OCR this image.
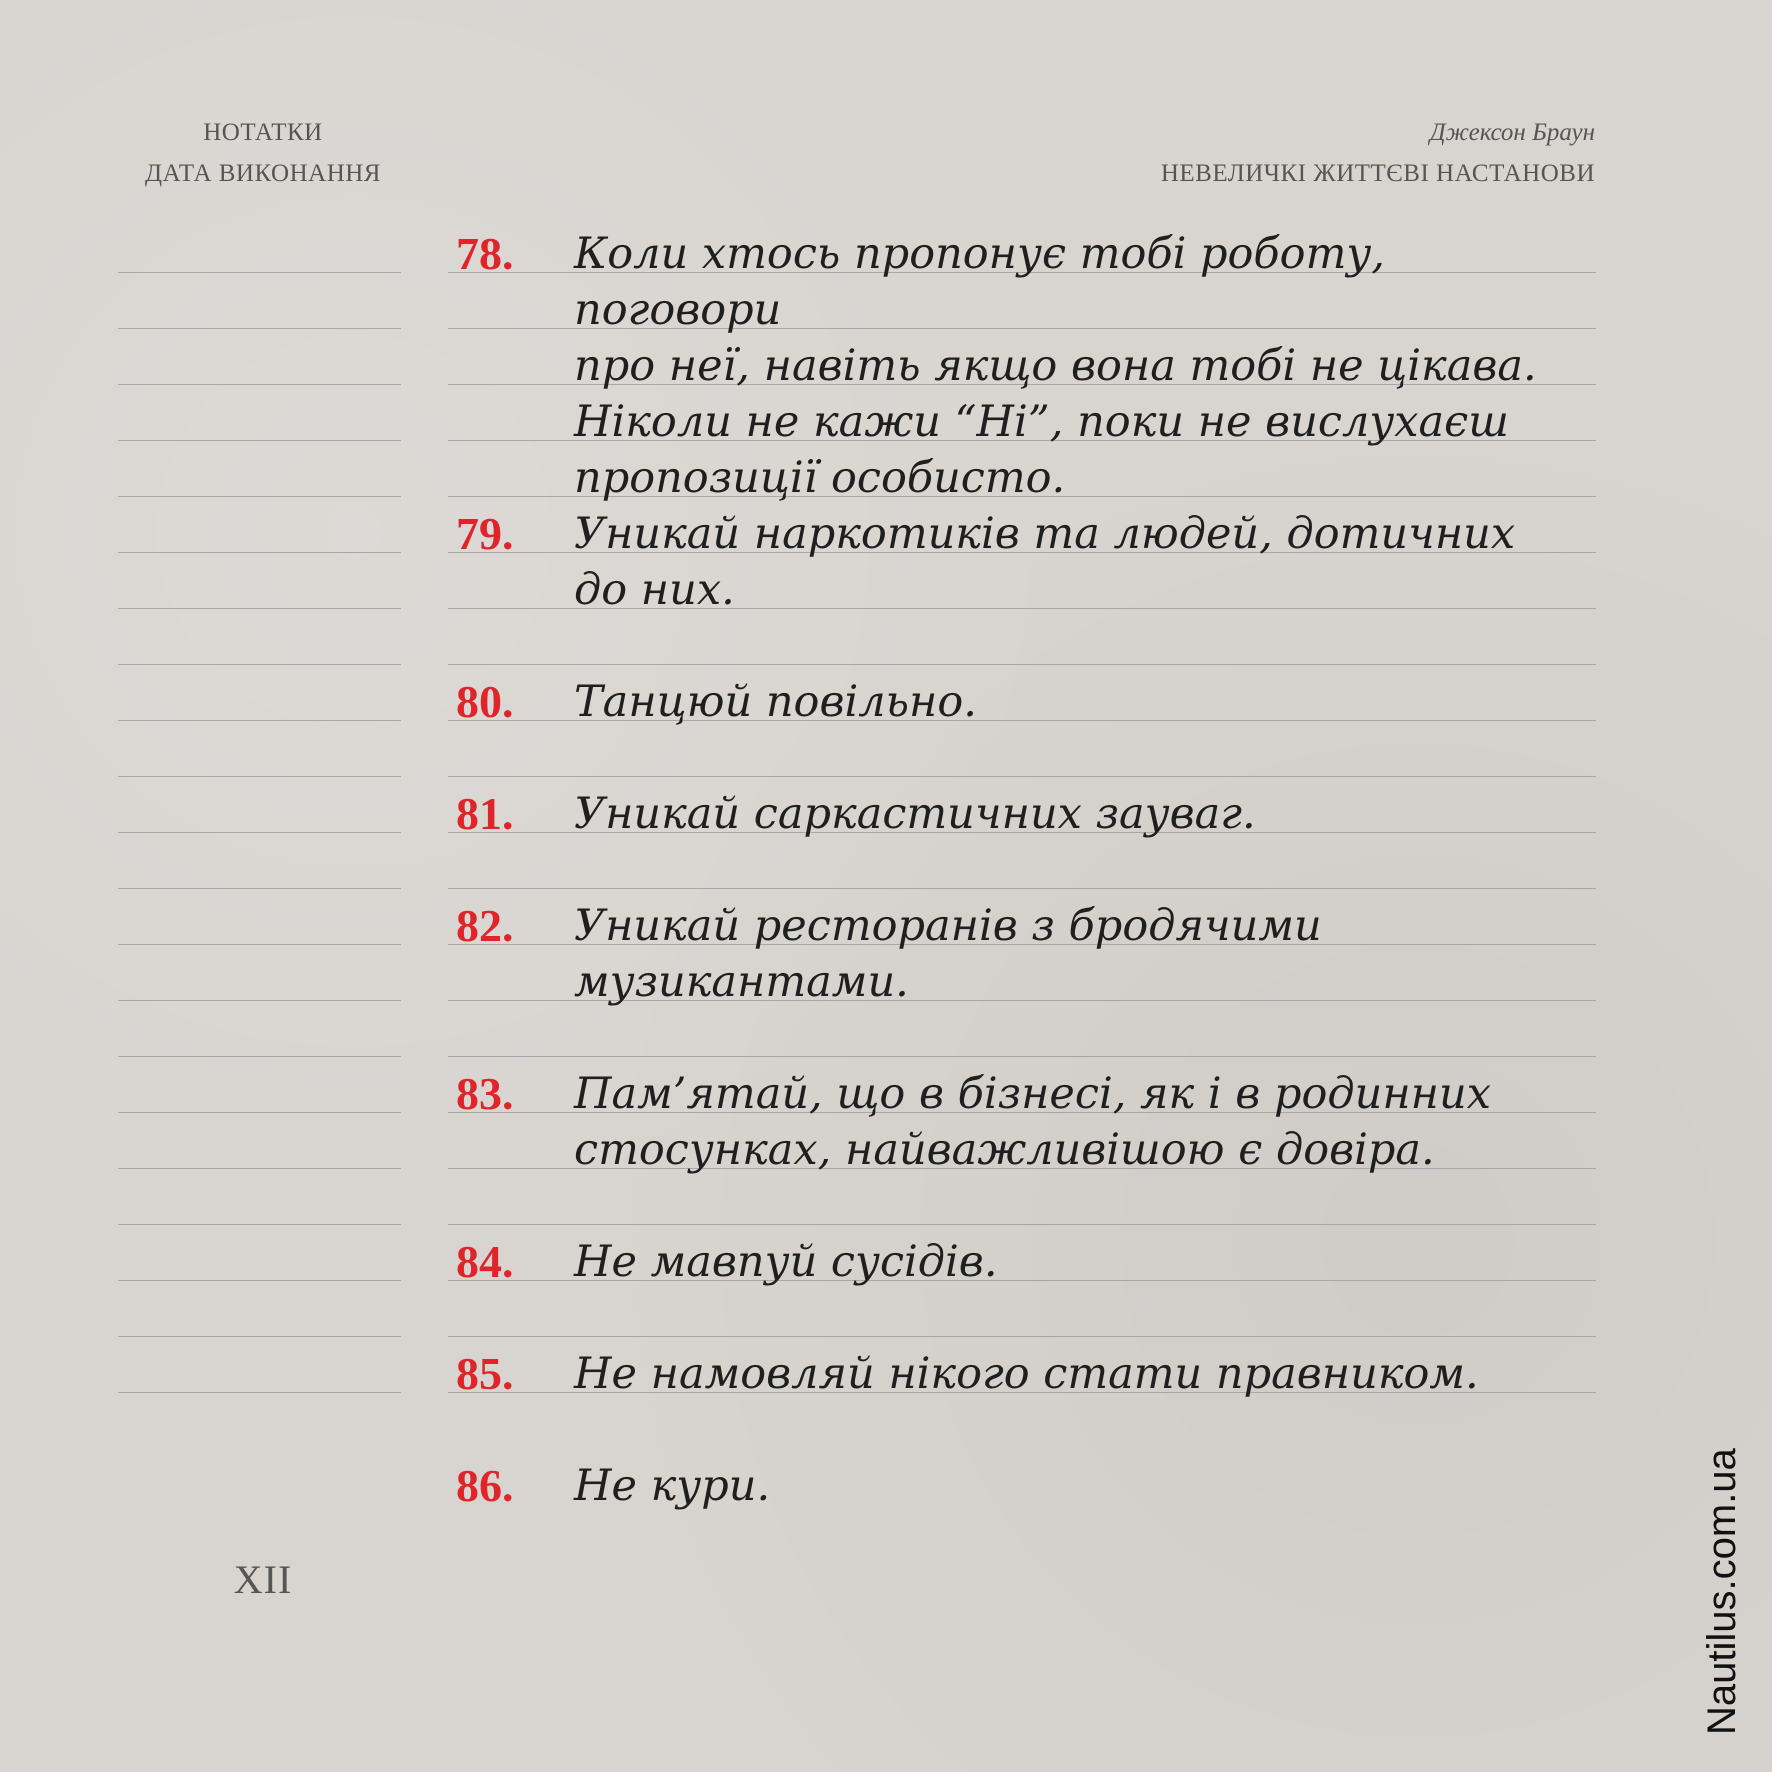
НОТАТКИ
ДАТА ВИКОНАННЯ
Джексон Браун
НЕВЕЛИЧКІ ЖИТТЄВІ НАСТАНОВИ
78. Коли хтось пропонує тобі роботу, поговори
про неї, навіть якщо вона тобі не цікава.
Ніколи не кажи “Ні”, поки не вислухаєш
пропозиції особисто.
79. Уникай наркотиків та людей, дотичних
до них.
80. Танцюй повільно.
81. Уникай саркастичних зауваг.
82. Уникай ресторанів з бродячими
музикантами.
83. Пам’ятай, що в бізнесі, як і в родинних
стосунках, найважливішою є довіра.
84. Не мавпуй сусідів.
85. Не намовляй нікого стати правником.
86. Не кури.
XII	Nautilus.com.ua
